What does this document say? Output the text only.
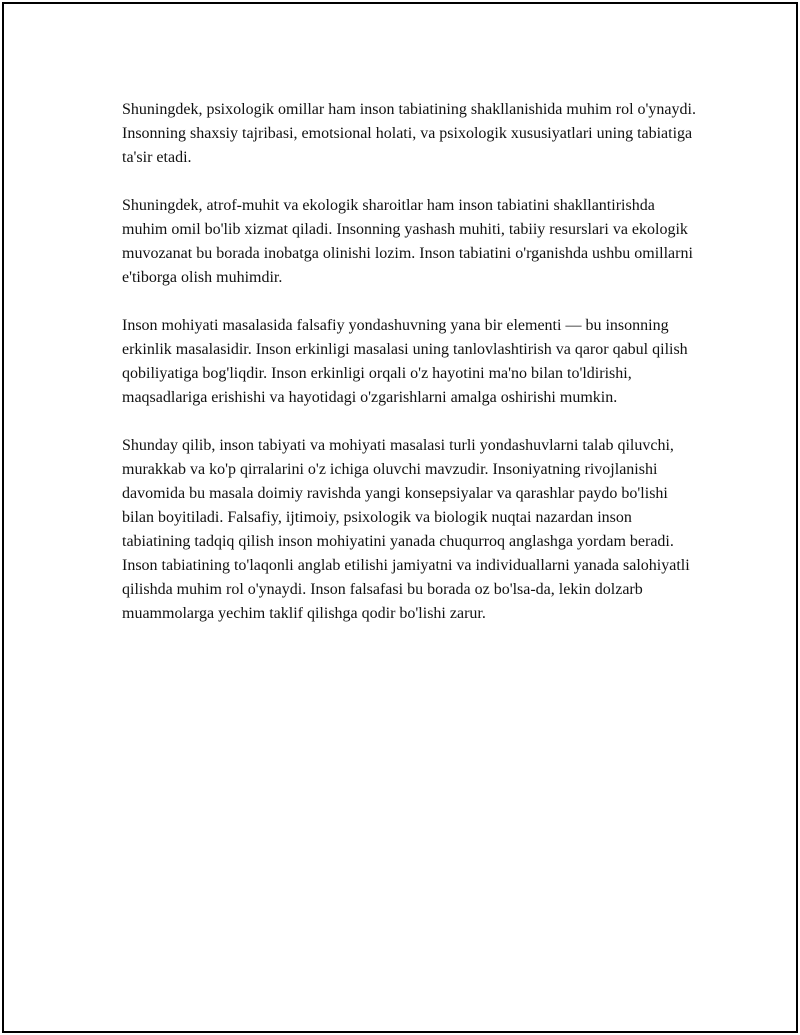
Shuningdek, psixologik omillar ham inson tabiatining shakllanishida muhim rol o'ynaydi. Insonning shaxsiy tajribasi, emotsional holati, va psixologik xususiyatlari uning tabiatiga ta'sir etadi.

Shuningdek, atrof-muhit va ekologik sharoitlar ham inson tabiatini shakllantirishda muhim omil bo'lib xizmat qiladi. Insonning yashash muhiti, tabiiy resurslari va ekologik muvozanat bu borada inobatga olinishi lozim. Inson tabiatini o'rganishda ushbu omillarni e'tiborga olish muhimdir.

Inson mohiyati masalasida falsafiy yondashuvning yana bir elementi — bu insonning erkinlik masalasidir. Inson erkinligi masalasi uning tanlovlashtirish va qaror qabul qilish qobiliyatiga bog'liqdir. Inson erkinligi orqali o'z hayotini ma'no bilan to'ldirishi, maqsadlariga erishishi va hayotidagi o'zgarishlarni amalga oshirishi mumkin.

Shunday qilib, inson tabiyati va mohiyati masalasi turli yondashuvlarni talab qiluvchi, murakkab va ko'p qirralarini o'z ichiga oluvchi mavzudir. Insoniyatning rivojlanishi davomida bu masala doimiy ravishda yangi konsepsiyalar va qarashlar paydo bo'lishi bilan boyitiladi. Falsafiy, ijtimoiy, psixologik va biologik nuqtai nazardan inson tabiatining tadqiq qilish inson mohiyatini yanada chuqurroq anglashga yordam beradi. Inson tabiatining to'laqonli anglab etilishi jamiyatni va individuallarni yanada salohiyatli qilishda muhim rol o'ynaydi. Inson falsafasi bu borada oz bo'lsa-da, lekin dolzarb muammolarga yechim taklif qilishga qodir bo'lishi zarur.
